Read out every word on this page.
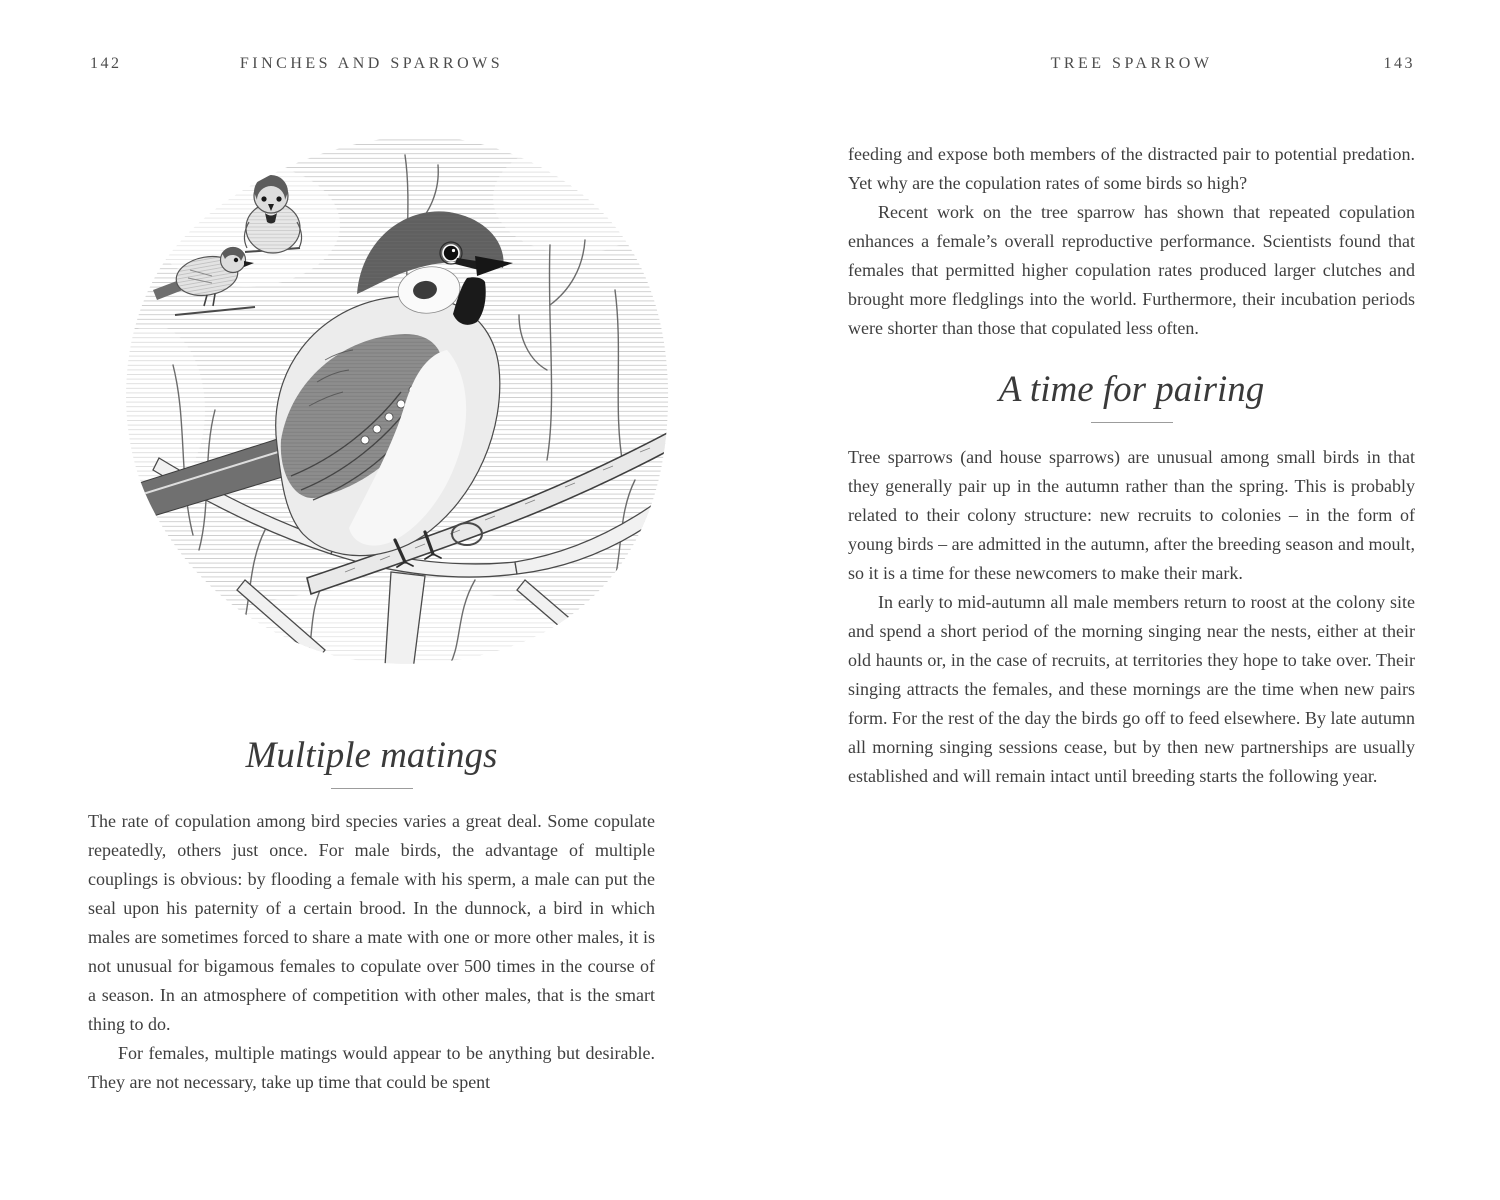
142	FINCHES AND SPARROWS	TREE SPARROW	143
Multiple matings

The rate of copulation among bird species varies a great deal. Some copulate repeatedly, others just once. For male birds, the advantage of multiple couplings is obvious: by flooding a female with his sperm, a male can put the seal upon his paternity of a certain brood. In the dunnock, a bird in which males are sometimes forced to share a mate with one or more other males, it is not unusual for bigamous females to copulate over 500 times in the course of a season. In an atmosphere of competition with other males, that is the smart thing to do.

For females, multiple matings would appear to be anything but desirable. They are not necessary, take up time that could be spent

feeding and expose both members of the distracted pair to potential predation. Yet why are the copulation rates of some birds so high?

Recent work on the tree sparrow has shown that repeated copulation enhances a female’s overall reproductive performance. Scientists found that females that permitted higher copulation rates produced larger clutches and brought more fledglings into the world. Furthermore, their incubation periods were shorter than those that copulated less often.

A time for pairing

Tree sparrows (and house sparrows) are unusual among small birds in that they generally pair up in the autumn rather than the spring. This is probably related to their colony structure: new recruits to colonies – in the form of young birds – are admitted in the autumn, after the breeding season and moult, so it is a time for these newcomers to make their mark.

In early to mid-autumn all male members return to roost at the colony site and spend a short period of the morning singing near the nests, either at their old haunts or, in the case of recruits, at territories they hope to take over. Their singing attracts the females, and these mornings are the time when new pairs form. For the rest of the day the birds go off to feed elsewhere. By late autumn all morning singing sessions cease, but by then new partnerships are usually established and will remain intact until breeding starts the following year.
